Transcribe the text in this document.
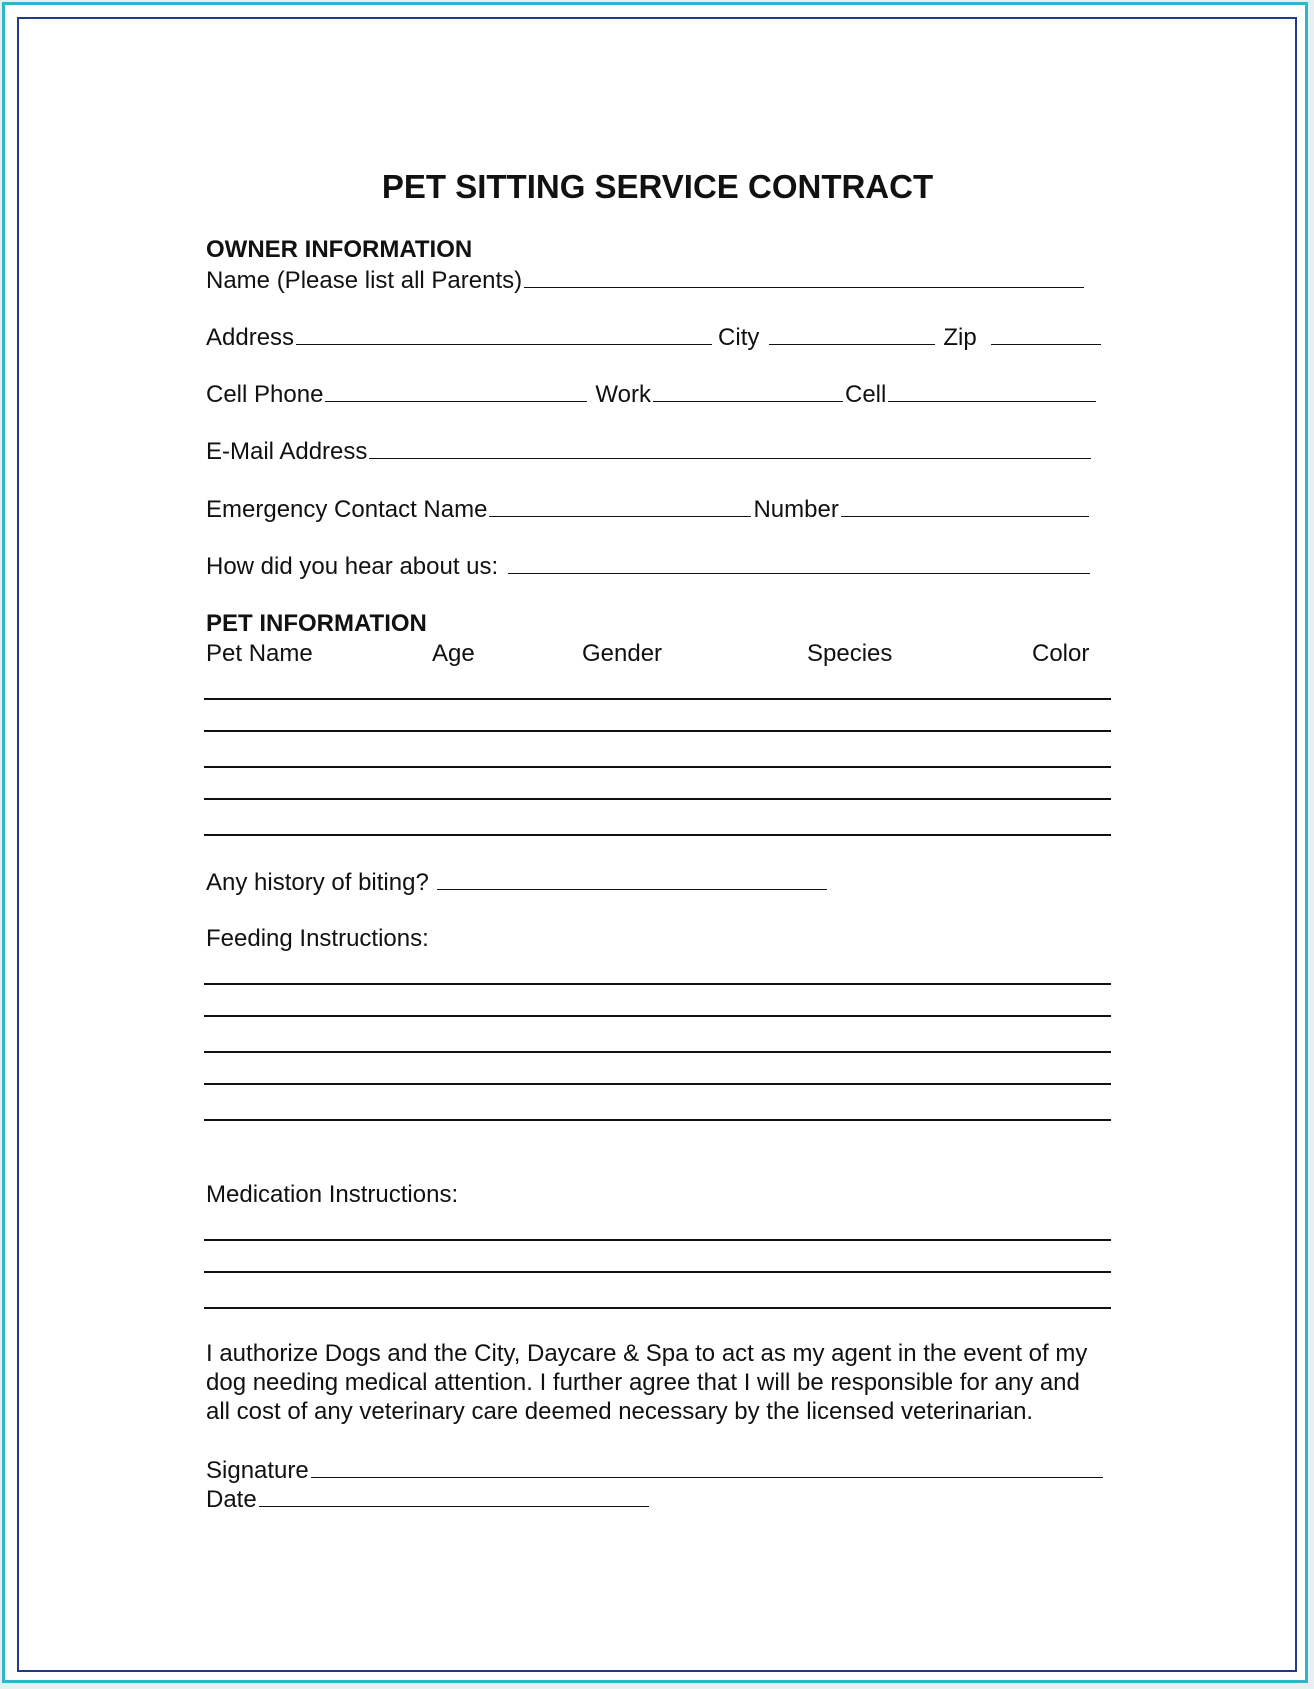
PET SITTING SERVICE CONTRACT
OWNER INFORMATION
Name (Please list all Parents)
Address	City	Zip
Cell Phone	Work	Cell
E-Mail Address
Emergency Contact Name	Number
How did you hear about us:
PET INFORMATION
Pet Name	Age	Gender	Species	Color
Any history of biting?
Feeding Instructions:
Medication Instructions:
I authorize Dogs and the City, Daycare & Spa to act as my agent in the event of my dog needing medical attention. I further agree that I will be responsible for any and all cost of any veterinary care deemed necessary by the licensed veterinarian.
Signature
Date
